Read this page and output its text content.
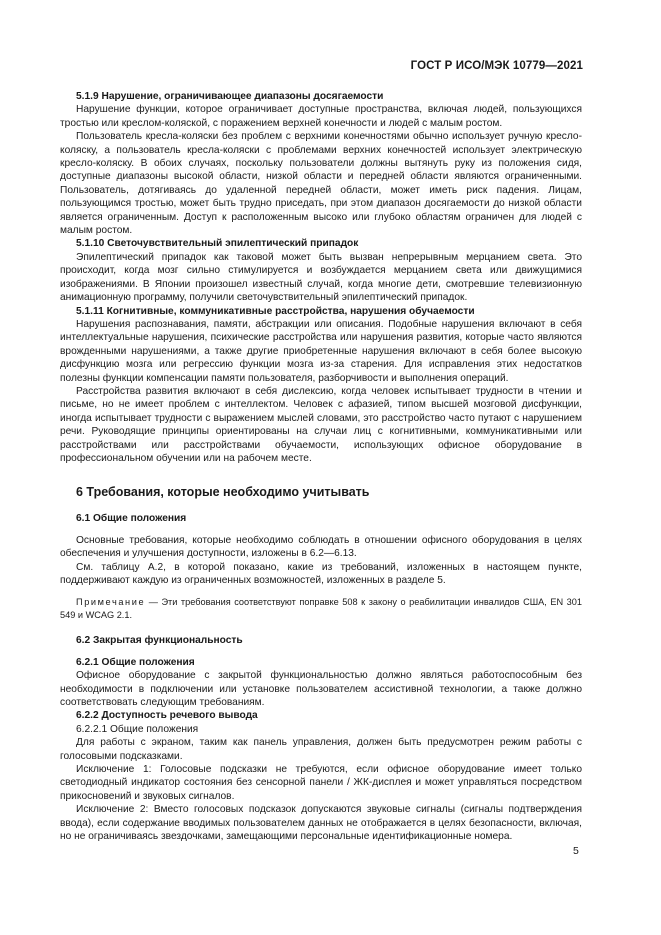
ГОСТ Р ИСО/МЭК 10779—2021

5.1.9 Нарушение, ограничивающее диапазоны досягаемости

Нарушение функции, которое ограничивает доступные пространства, включая людей, пользующихся тростью или креслом-коляской, с поражением верхней конечности и людей с малым ростом.

Пользователь кресла-коляски без проблем с верхними конечностями обычно использует ручную кресло-коляску, а пользователь кресла-коляски с проблемами верхних конечностей использует электрическую кресло-коляску. В обоих случаях, поскольку пользователи должны вытянуть руку из положения сидя, доступные диапазоны высокой области, низкой области и передней области являются ограниченными. Пользователь, дотягиваясь до удаленной передней области, может иметь риск падения. Лицам, пользующимся тростью, может быть трудно приседать, при этом диапазон досягаемости до низкой области является ограниченным. Доступ к расположенным высоко или глубоко областям ограничен для людей с малым ростом.

5.1.10 Светочувствительный эпилептический припадок

Эпилептический припадок как таковой может быть вызван непрерывным мерцанием света. Это происходит, когда мозг сильно стимулируется и возбуждается мерцанием света или движущимися изображениями. В Японии произошел известный случай, когда многие дети, смотревшие телевизионную анимационную программу, получили светочувствительный эпилептический припадок.

5.1.11 Когнитивные, коммуникативные расстройства, нарушения обучаемости

Нарушения распознавания, памяти, абстракции или описания. Подобные нарушения включают в себя интеллектуальные нарушения, психические расстройства или нарушения развития, которые часто являются врожденными нарушениями, а также другие приобретенные нарушения включают в себя более высокую дисфункцию мозга или регрессию функции мозга из-за старения. Для исправления этих недостатков полезны функции компенсации памяти пользователя, разборчивости и выполнения операций.

Расстройства развития включают в себя дислексию, когда человек испытывает трудности в чтении и письме, но не имеет проблем с интеллектом. Человек с афазией, типом высшей мозговой дисфункции, иногда испытывает трудности с выражением мыслей словами, это расстройство часто путают с нарушением речи. Руководящие принципы ориентированы на случаи лиц с когнитивными, коммуникативными или расстройствами или расстройствами обучаемости, использующих офисное оборудование в профессиональном обучении или на рабочем месте.

6 Требования, которые необходимо учитывать

6.1 Общие положения

Основные требования, которые необходимо соблюдать в отношении офисного оборудования в целях обеспечения и улучшения доступности, изложены в 6.2—6.13.

См. таблицу А.2, в которой показано, какие из требований, изложенных в настоящем пункте, поддерживают каждую из ограниченных возможностей, изложенных в разделе 5.

Примечание — Эти требования соответствуют поправке 508 к закону о реабилитации инвалидов США, EN 301 549 и WCAG 2.1.

6.2 Закрытая функциональность

6.2.1 Общие положения

Офисное оборудование с закрытой функциональностью должно являться работоспособным без необходимости в подключении или установке пользователем ассистивной технологии, а также должно соответствовать следующим требованиям.

6.2.2 Доступность речевого вывода

6.2.2.1 Общие положения

Для работы с экраном, таким как панель управления, должен быть предусмотрен режим работы с голосовыми подсказками.

Исключение 1: Голосовые подсказки не требуются, если офисное оборудование имеет только светодиодный индикатор состояния без сенсорной панели / ЖК-дисплея и может управляться посредством прикосновений и звуковых сигналов.

Исключение 2: Вместо голосовых подсказок допускаются звуковые сигналы (сигналы подтверждения ввода), если содержание вводимых пользователем данных не отображается в целях безопасности, включая, но не ограничиваясь звездочками, замещающими персональные идентификационные номера.

5
